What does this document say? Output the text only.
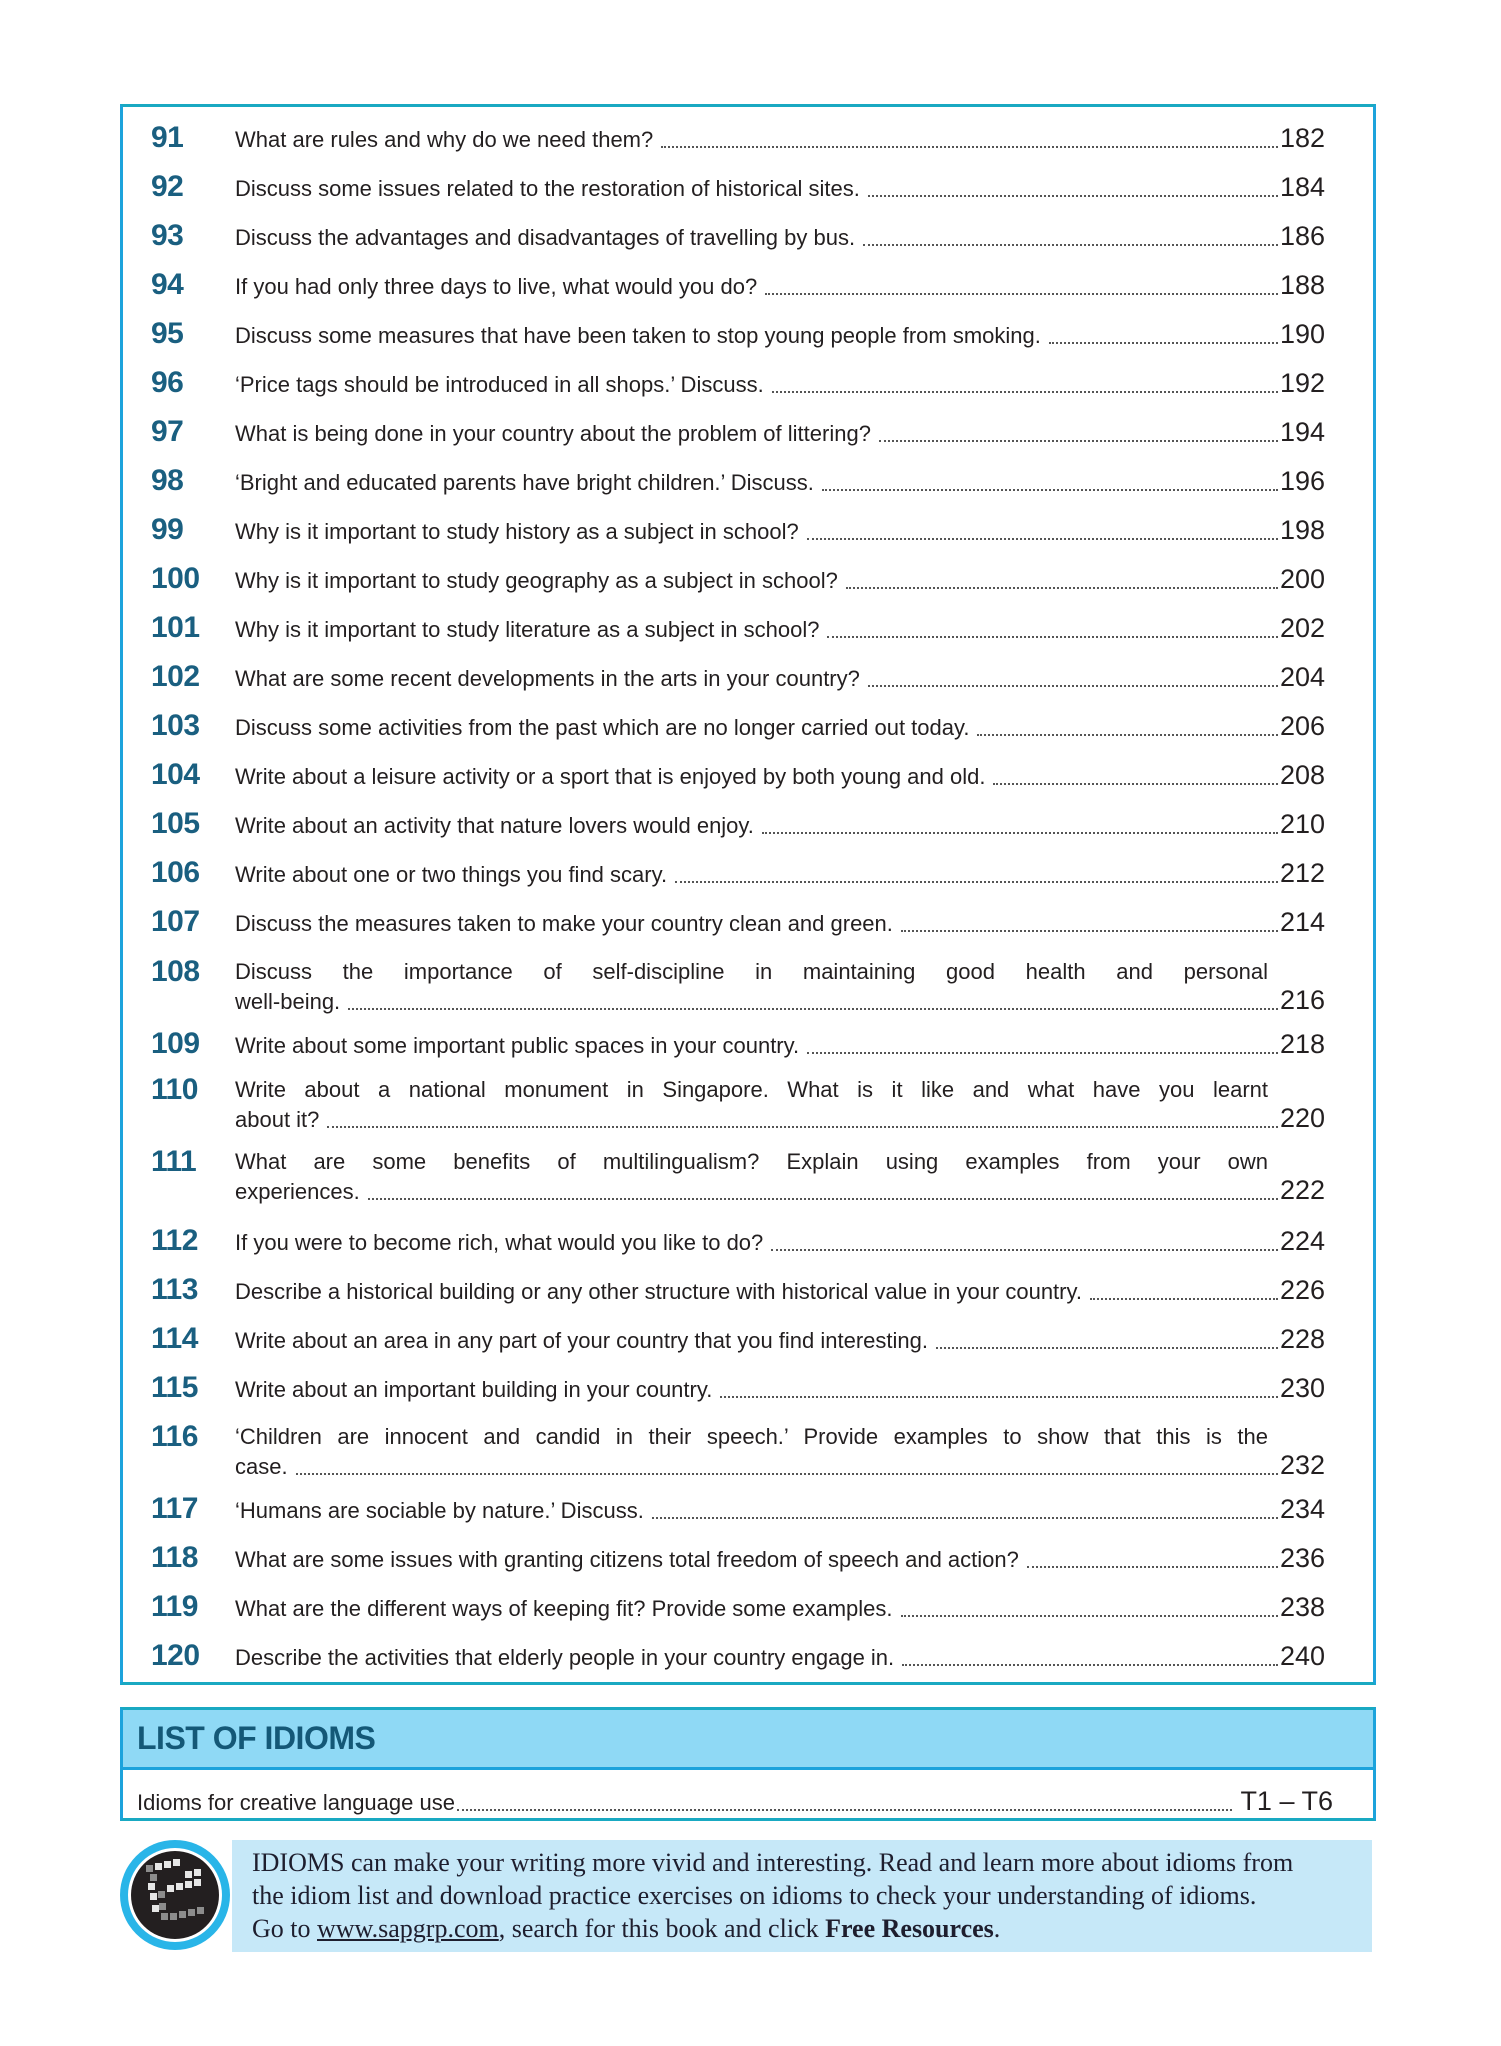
91	What are rules and why do we need them?	182
92	Discuss some issues related to the restoration of historical sites.	184
93	Discuss the advantages and disadvantages of travelling by bus.	186
94	If you had only three days to live, what would you do?	188
95	Discuss some measures that have been taken to stop young people from smoking.	190
96	‘Price tags should be introduced in all shops.’ Discuss.	192
97	What is being done in your country about the problem of littering?	194
98	‘Bright and educated parents have bright children.’ Discuss.	196
99	Why is it important to study history as a subject in school?	198
100	Why is it important to study geography as a subject in school?	200
101	Why is it important to study literature as a subject in school?	202
102	What are some recent developments in the arts in your country?	204
103	Discuss some activities from the past which are no longer carried out today.	206
104	Write about a leisure activity or a sport that is enjoyed by both young and old.	208
105	Write about an activity that nature lovers would enjoy.	210
106	Write about one or two things you find scary.	212
107	Discuss the measures taken to make your country clean and green.	214
108	Discuss the importance of self-discipline in maintaining good health and personal
well-being.	216
109	Write about some important public spaces in your country.	218
110	Write about a national monument in Singapore. What is it like and what have you learnt
about it?	220
111	What are some benefits of multilingualism? Explain using examples from your own
experiences.	222
112	If you were to become rich, what would you like to do?	224
113	Describe a historical building or any other structure with historical value in your country.	226
114	Write about an area in any part of your country that you find interesting.	228
115	Write about an important building in your country.	230
116	‘Children are innocent and candid in their speech.’ Provide examples to show that this is the
case.	232
117	‘Humans are sociable by nature.’ Discuss.	234
118	What are some issues with granting citizens total freedom of speech and action?	236
119	What are the different ways of keeping fit? Provide some examples.	238
120	Describe the activities that elderly people in your country engage in.	240
LIST OF IDIOMS
Idioms for creative language use	T1 – T6
IDIOMS can make your writing more vivid and interesting. Read and learn more about idioms from
the idiom list and download practice exercises on idioms to check your understanding of idioms.
Go to www.sapgrp.com, search for this book and click Free Resources.
